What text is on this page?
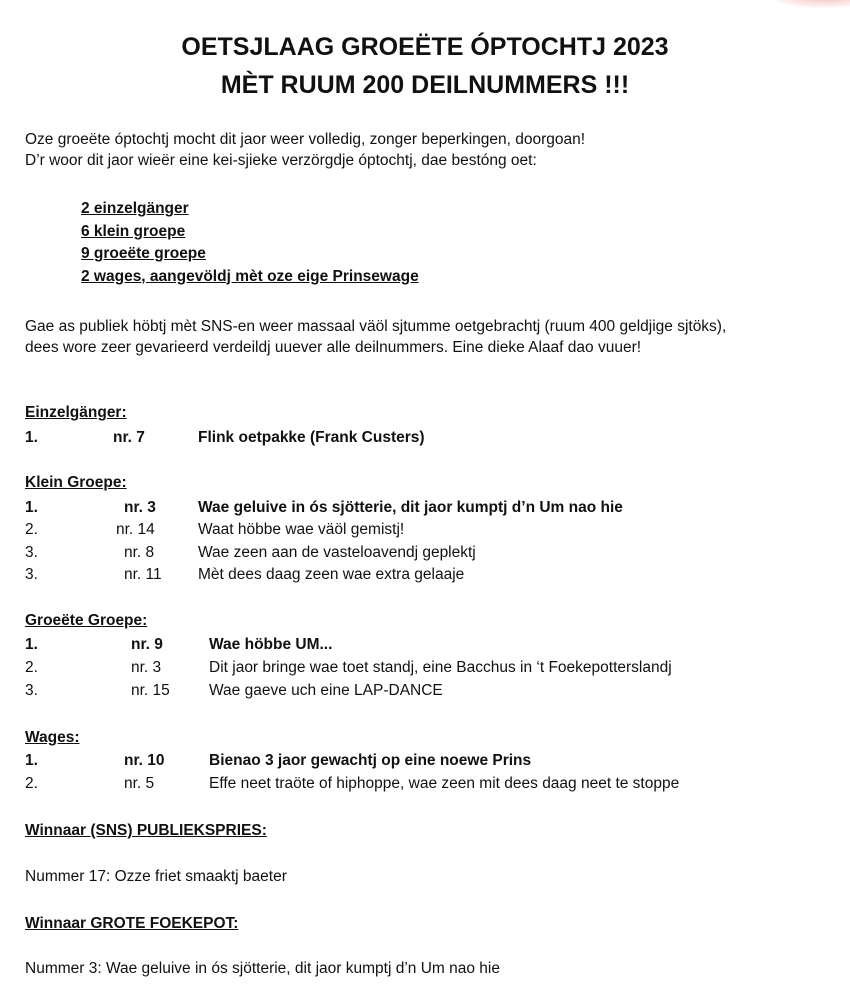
OETSJLAAG GROEËTE ÓPTOCHTJ 2023
MÈT RUUM 200 DEILNUMMERS !!!
Oze groeëte óptochtj mocht dit jaor weer volledig, zonger beperkingen, doorgoan!
D’r woor dit jaor wieër eine kei-sjieke verzörgdje óptochtj, dae bestóng oet:
2 einzelgänger
6 klein groepe
9 groeëte groepe
2 wages, aangevöldj mèt oze eige Prinsewage
Gae as publiek höbtj mèt SNS-en weer massaal väöl sjtumme oetgebrachtj (ruum 400 geldjige sjtöks),
dees wore zeer gevarieerd verdeildj uuever alle deilnummers. Eine dieke Alaaf dao vuuer!
Einzelgänger:
1.	nr. 7	Flink oetpakke (Frank Custers)
Klein Groepe:
1.	nr. 3	Wae geluive in ós sjötterie, dit jaor kumptj d’n Um nao hie
2.	nr. 14	Waat höbbe wae väöl gemistj!
3.	nr. 8	Wae zeen aan de vasteloavendj geplektj
3.	nr. 11 Mèt dees daag zeen wae extra gelaaje
Groeëte Groepe:
1.	nr. 9	Wae höbbe UM...
2.	nr. 3	Dit jaor bringe wae toet standj, eine Bacchus in ‘t Foekepotterslandj
3.	nr. 15	Wae gaeve uch eine LAP-DANCE
Wages:
1.	nr. 10	Bienao 3 jaor gewachtj op eine noewe Prins
2.	nr. 5	Effe neet traöte of hiphoppe, wae zeen mit dees daag neet te stoppe
Winnaar (SNS) PUBLIEKSPRIES:
Nummer 17: Ozze friet smaaktj baeter
Winnaar GROTE FOEKEPOT:
Nummer 3: Wae geluive in ós sjötterie, dit jaor kumptj d’n Um nao hie
